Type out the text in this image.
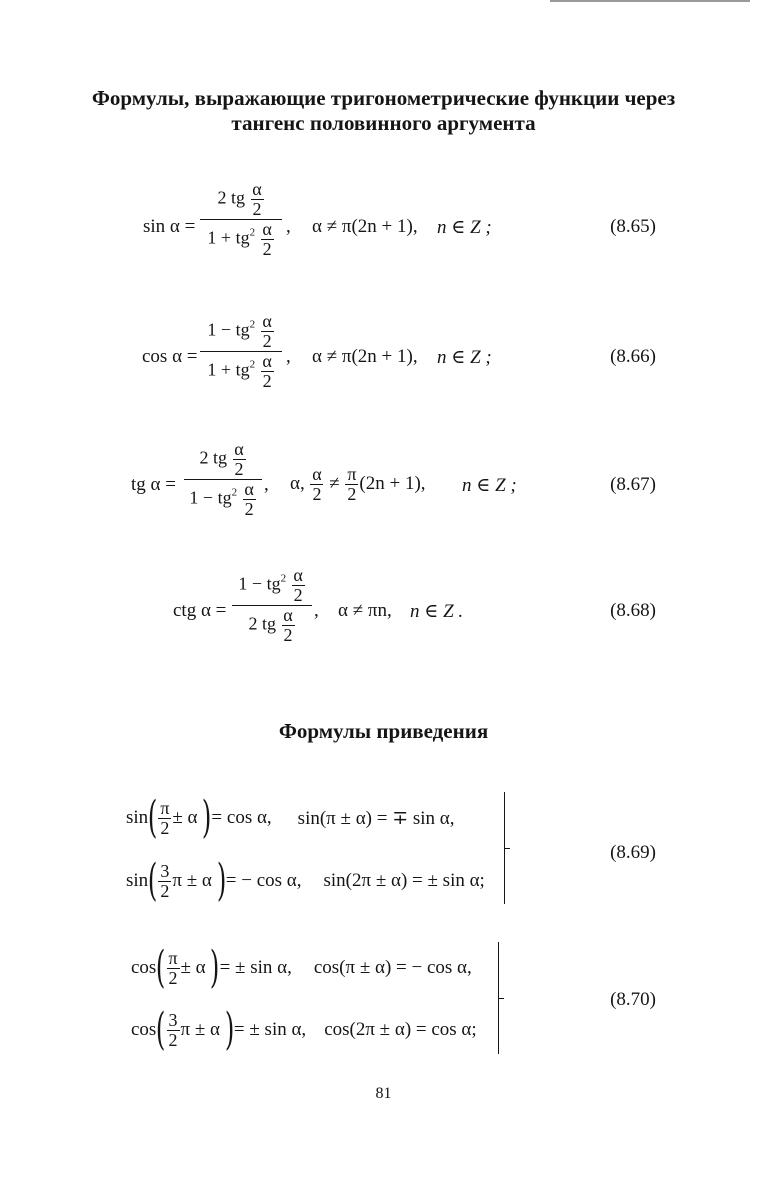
Формулы, выражающие тригонометрические функции через
тангенс половинного аргумента
sin α =
2 tg $\frac{\alpha}{2}$
$1 + tg^2 \frac{\alpha}{2}$ , α ≠ π(2n + 1), n ∈ Z ;	(8.65)
cos α =
$1 - tg^2 \frac{\alpha}{2}$
$1 + tg^2 \frac{\alpha}{2}$ , α ≠ π(2n + 1), n ∈ Z ;	(8.66)
tg α =
2 tg $\frac{\alpha}{2}$
$1 - tg^2 \frac{\alpha}{2}$ , α,
α
2
≠
π
2 (2n + 1), n ∈ Z ;	(8.67)
ctg α =
$1 - tg^2 \frac{\alpha}{2}$
2 tg $\frac{\alpha}{2}$ , α ≠ πn, n ∈ Z .	(8.68)
Формулы приведения
sin ( π
2 ± α
) = cos α, sin(π ± α) = ∓ sin α,
sin ( 3
2 π ± α
) = − cos α, sin(2π ± α) = ± sin α;
(8.69)
cos ( π
2 ± α
) = ± sin α, cos(π ± α) = − cos α,
cos ( 3
2 π ± α
) = ± sin α, cos(2π ± α) = cos α;
(8.70)
81
